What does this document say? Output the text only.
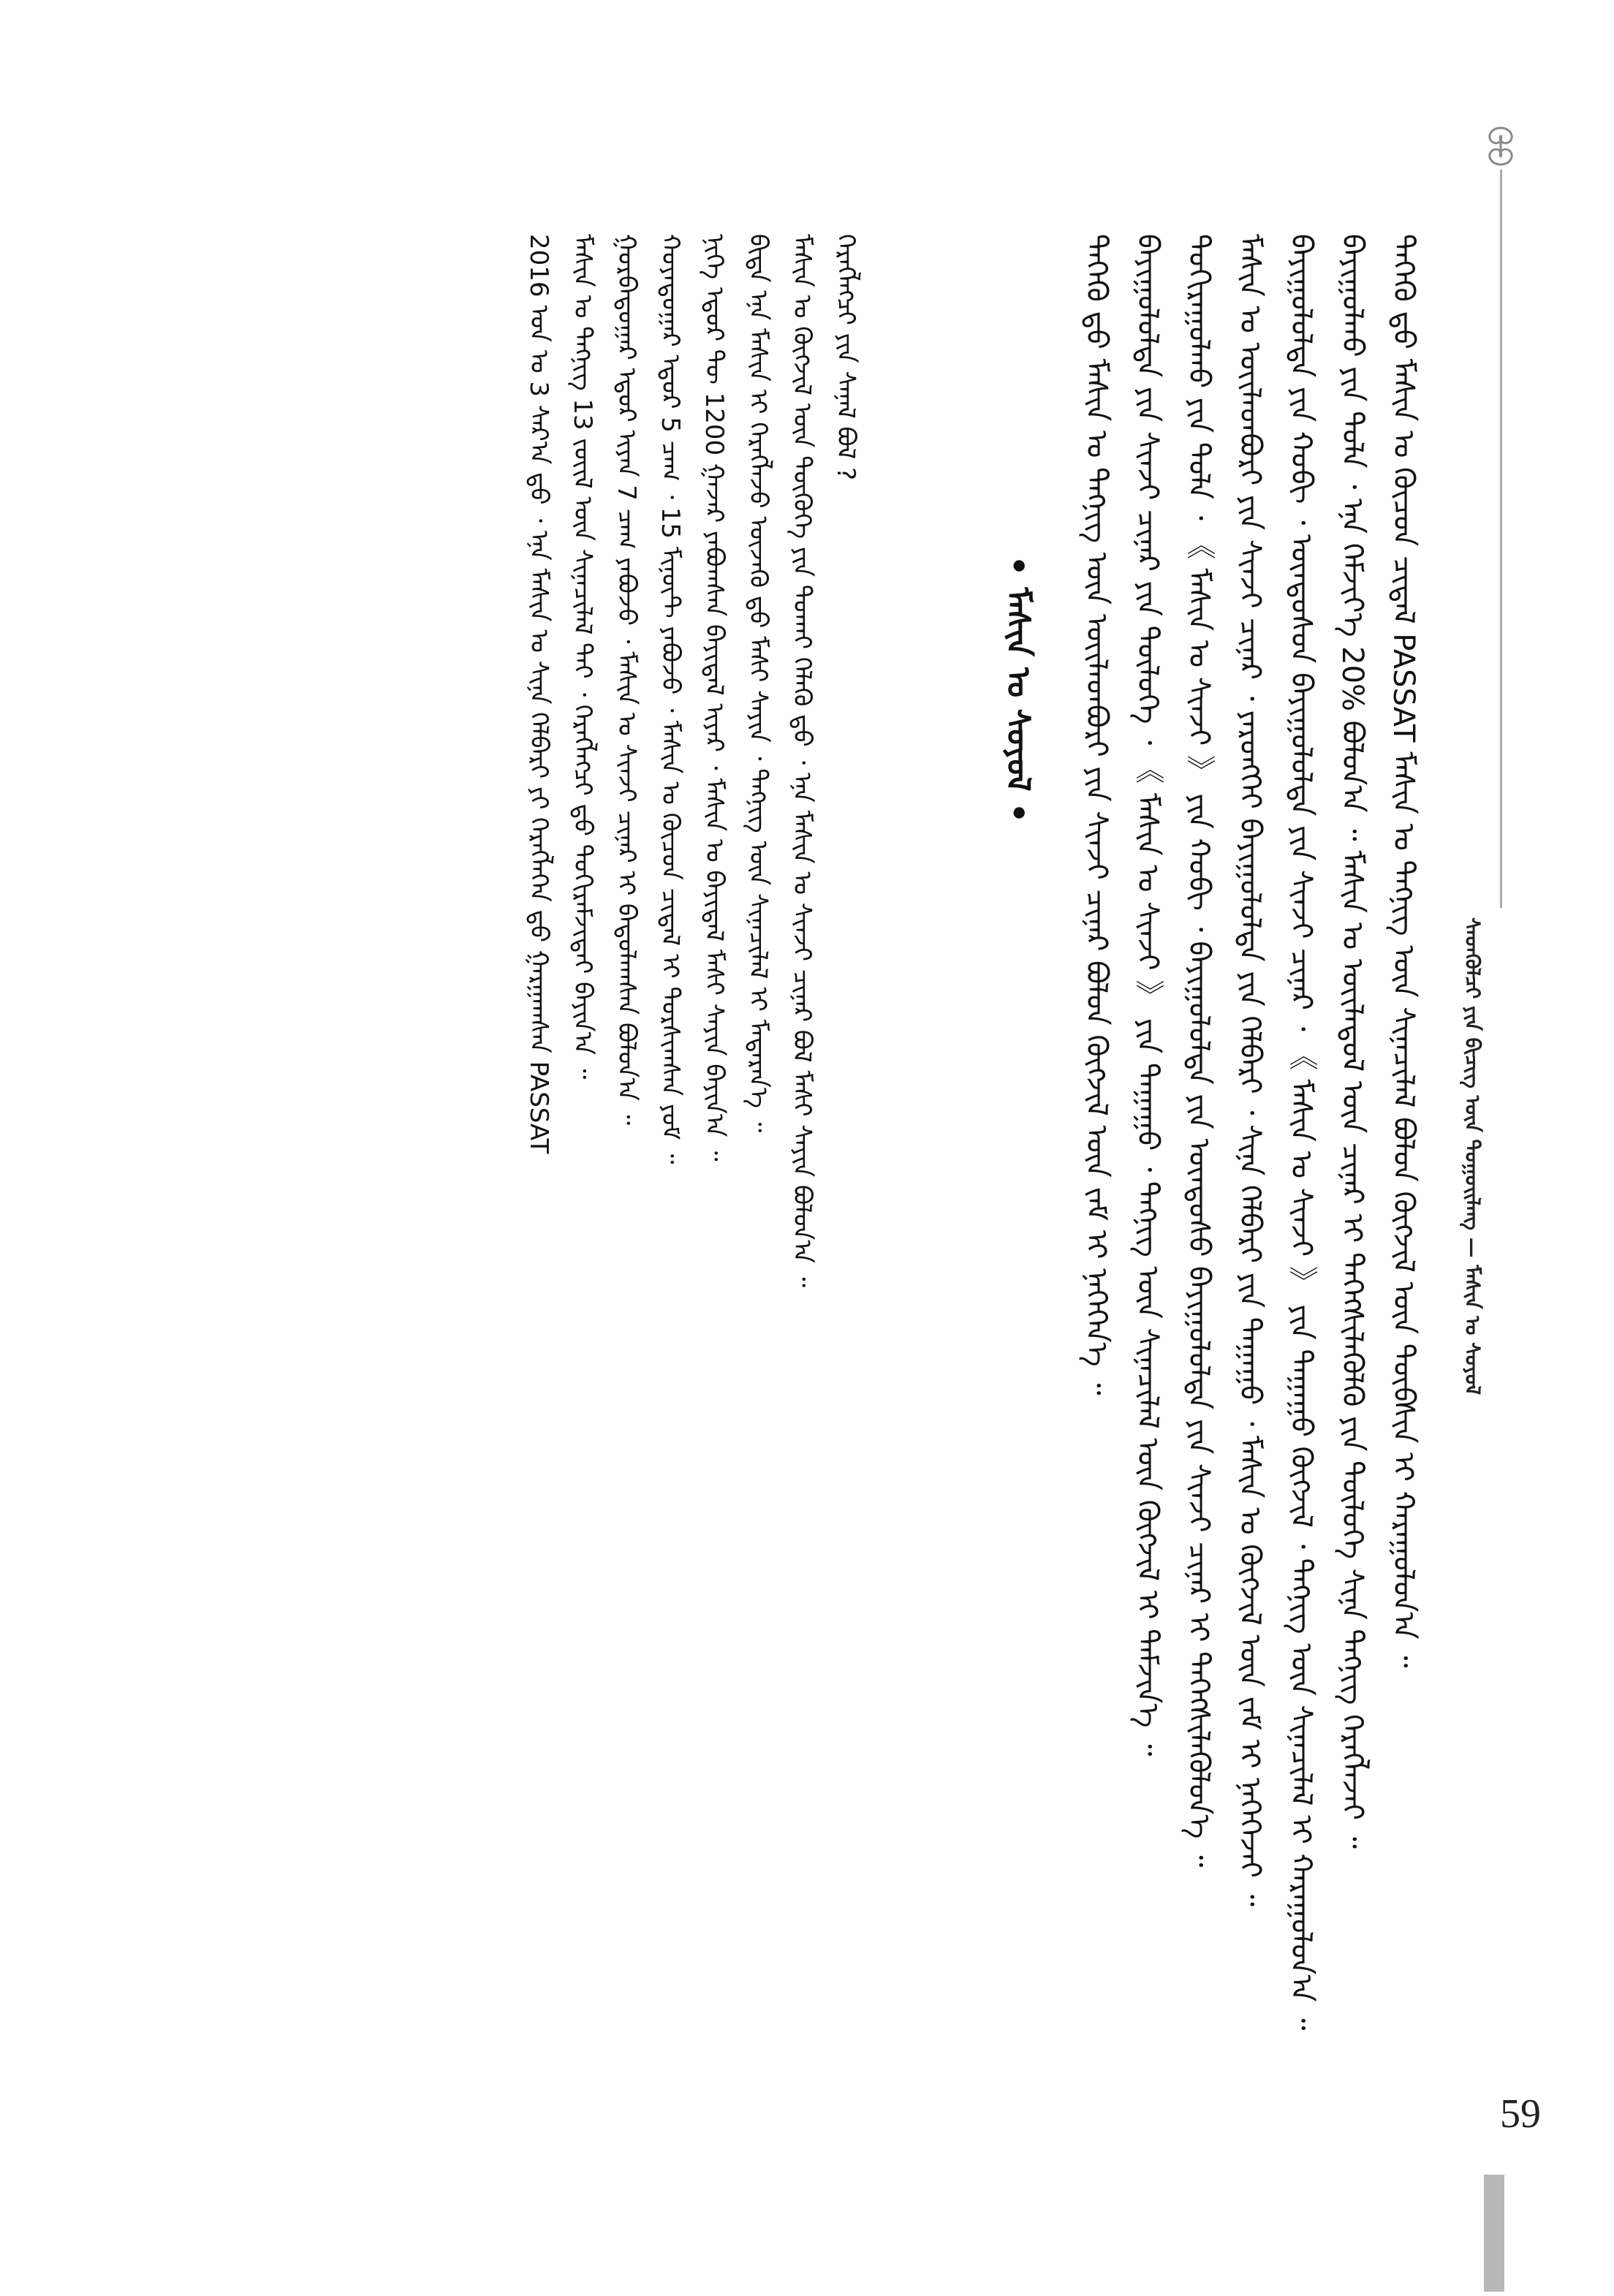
ᠰᠡᠳᠬᠦᠯᠴᠢ ᠶᠢᠨ ᠪᠢᠴᠢᠭ᠌ ᠦᠨ ᠳᠤᠭᠤᠢᠯᠠᠩ — ᠮᠠᠰᠢᠨ ᠤ ᠰᠣᠶᠣᠯ
ᠲᠡᠭᠡᠬᠦ ᠳ᠋ᠤ ᠮᠠᠰᠢᠨ ᠤ ᠬᠦᠴᠦᠨ ᠴᠢᠳᠠᠯ PASSAT ᠮᠠᠰᠢᠨ ᠤ ᠲᠡᠬᠨᠢᠭ᠌ ᠦᠨ ᠰᠢᠨᠡᠴᠢᠯᠡᠯ ᠪᠣᠯᠤᠨ ᠬᠦᠭᠵᠢᠯ ᠦᠨ ᠲᠦᠪᠰᠢᠨ ᠢ ᠬᠠᠷᠠᠭᠤᠯᠤᠨ᠎ᠠ ᠃
ᠪᠠᠶᠢᠭᠤᠯᠬᠤ ᠶᠢᠨ ᠲᠤᠯᠠ ᠂ ᠡᠨᠡ ᠬᠡᠮᠵᠢᠶ᠎ᠡ 20% ᠪᠣᠯᠤᠨ᠎ᠠ ᠃ ᠮᠠᠰᠢᠨ ᠤ ᠦᠢᠯᠡᠳᠦᠯ ᠦᠨ ᠴᠢᠨᠠᠷ ᠢ ᠳᠡᠭᠡᠭᠰᠢᠯᠡᠭᠦᠯᠬᠦ ᠶᠢᠨ ᠲᠥᠯᠥᠭᠡ ᠰᠢᠨᠡ ᠲᠡᠬᠨᠢᠭ ᠬᠡᠷᠡᠭᠯᠡᠵᠡᠢ ᠃
ᠪᠠᠶᠢᠭᠤᠯᠤᠯᠳᠠ ᠶᠢᠨ ᠬᠤᠪᠢ ᠂ ᠦᠨᠳᠦᠰᠦᠨ ᠪᠠᠶᠢᠭᠤᠯᠤᠯᠳᠠ ᠶᠢᠨ ᠰᠢᠨᠵᠢ ᠴᠢᠨᠠᠷ ᠂ 《 ᠮᠠᠰᠢᠨ ᠤ ᠰᠢᠨᠵᠢ 》 ᠶᠢᠨ ᠳᠠᠭᠠᠭᠤ ᠬᠥᠭᠵᠢᠯ ᠂ ᠲᠡᠬᠨᠢᠭ ᠦᠨ ᠰᠢᠨᠡᠴᠢᠯᠡᠯ ᠢ ᠬᠠᠷᠠᠭᠤᠯᠤᠨ᠎ᠠ ᠃
ᠮᠠᠰᠢᠨ ᠤ ᠦᠢᠯᠡᠳᠪᠦᠷᠢ ᠶᠢᠨ ᠰᠢᠨᠵᠢ ᠴᠢᠨᠠᠷ ᠂ ᠶᠡᠷᠦᠩᠬᠡᠢ ᠪᠠᠶᠢᠭᠤᠯᠤᠯᠳᠠ ᠶᠢᠨ ᠬᠡᠯᠪᠡᠷᠢ ᠂ ᠰᠢᠨᠡ ᠬᠡᠯᠪᠡᠷᠢ ᠶᠢᠨ ᠳᠠᠭᠠᠭᠤ ᠂ ᠮᠠᠰᠢᠨ ᠤ ᠬᠥᠭᠵᠢᠯ ᠦᠨ ᠵᠠᠮ ᠢ ᠨᠡᠭᠡᠭᠡᠵᠡᠢ ᠃
ᠲᠣᠬᠢᠷᠠᠭᠤᠯᠬᠤ ᠶᠢᠨ ᠲᠤᠯᠠ ᠂ 《 ᠮᠠᠰᠢᠨ ᠤ ᠰᠢᠨᠵᠢ 》 ᠶᠢᠨ ᠬᠤᠪᠢ ᠂ ᠪᠠᠶᠢᠭᠤᠯᠤᠯᠳᠠ ᠶᠢᠨ ᠦᠨᠳᠦᠰᠦ ᠪᠠᠶᠢᠭᠤᠯᠤᠯᠳᠠ ᠶᠢᠨ ᠰᠢᠨᠵᠢ ᠴᠢᠨᠠᠷ ᠢ ᠳᠡᠭᠡᠭᠰᠢᠯᠡᠭᠦᠯᠦᠨ᠎ᠡ ᠃
ᠪᠠᠶᠢᠭᠤᠯᠤᠯᠳᠠ ᠶᠢᠨ ᠰᠢᠨᠵᠢ ᠴᠢᠨᠠᠷ ᠶᠢᠨ ᠲᠥᠯᠥᠭᠡ ᠂ 《 ᠮᠠᠰᠢᠨ ᠤ ᠰᠢᠨᠵᠢ 》 ᠶᠢᠨ ᠳᠠᠭᠠᠭᠤ ᠂ ᠲᠡᠬᠨᠢᠭ ᠦᠨ ᠰᠢᠨᠡᠴᠢᠯᠡᠯ ᠦᠨ ᠬᠥᠭᠵᠢᠯ ᠢ ᠳᠡᠮᠵᠢᠨ᠎ᠡ ᠃
ᠲᠡᠭᠡᠬᠦ ᠳ᠋ᠤ ᠮᠠᠰᠢᠨ ᠤ ᠲᠡᠬᠨᠢᠭ ᠦᠨ ᠦᠢᠯᠡᠳᠪᠦᠷᠢ ᠶᠢᠨ ᠰᠢᠨᠵᠢ ᠴᠢᠨᠠᠷ ᠪᠣᠯᠤᠨ ᠬᠥᠭᠵᠢᠯ ᠦᠨ ᠵᠠᠮ ᠢ ᠨᠡᠭᠡᠭᠡᠨ᠎ᠡ ᠃
• ᠮᠠᠰᠢᠨ ᠤ ᠰᠣᠶᠣᠯ •
ᠬᠡᠷᠡᠭᠯᠡᠭᠴᠢ ᠶᠢᠨ ᠰᠠᠨᠠᠯ ᠪᠣᠯ ?
ᠮᠠᠰᠢᠨ ᠤ ᠬᠥᠭᠵᠢᠯ ᠦᠨ ᠲᠦᠭᠦᠬᠡ ᠶᠢᠨ ᠲᠤᠬᠠᠢ ᠬᠡᠯᠡᠬᠦ ᠳ᠋ᠦ ᠂ ᠡᠨᠡ ᠮᠠᠰᠢᠨ ᠤ ᠰᠢᠨᠵᠢ ᠴᠢᠨᠠᠷ ᠪᠣᠯ ᠮᠠᠰᠢ ᠰᠠᠶᠢᠨ ᠪᠣᠯᠤᠨ᠎ᠠ ᠃
ᠪᠢᠳᠡ ᠡᠨᠡ ᠮᠠᠰᠢᠨ ᠢ ᠬᠡᠷᠡᠭᠯᠡᠵᠦ ᠦᠵᠡᠬᠦ ᠳ᠋ᠦ ᠮᠠᠰᠢ ᠰᠠᠶᠢᠨ ᠂ ᠲᠡᠬᠨᠢᠭ ᠦᠨ ᠰᠢᠨᠡᠴᠢᠯᠡᠯ ᠢ ᠮᠡᠳᠡᠷᠡᠨ᠎ᠡ ᠃
ᠨᠢᠭᠡ ᠡᠳᠦᠷ ᠲᠦ 1200 ᠭᠠᠵᠠᠷ ᠶᠠᠪᠤᠭᠰᠠᠨ ᠪᠠᠶᠢᠳᠠᠯ ᠢᠶᠡᠷ ᠂ ᠮᠠᠰᠢᠨ ᠤ ᠪᠠᠶᠢᠳᠠᠯ ᠮᠠᠰᠢ ᠰᠠᠶᠢᠨ ᠪᠠᠶᠢᠨ᠎ᠠ ᠃
ᠬᠣᠶᠠᠳᠤᠭᠠᠷ ᠡᠳᠦᠷ 5 ᠴᠠᠭ ᠂ 15 ᠮᠢᠨᠦ᠋ᠲ ᠶᠠᠪᠤᠵᠤ ᠂ ᠮᠠᠰᠢᠨ ᠤ ᠬᠦᠴᠦᠨ ᠴᠢᠳᠠᠯ ᠢ ᠲᠤᠷᠰᠢᠭᠰᠠᠨ ᠶᠤᠮ ᠃
ᠭᠤᠷᠪᠠᠳᠤᠭᠠᠷ ᠡᠳᠦᠷ ᠢᠶᠡᠨ 7 ᠴᠠᠭ ᠶᠠᠪᠤᠵᠤ ᠂ ᠮᠠᠰᠢᠨ ᠤ ᠰᠢᠨᠵᠢ ᠴᠢᠨᠠᠷ ᠢ ᠪᠠᠲᠤᠯᠠᠭᠰᠠᠨ ᠪᠣᠯᠤᠨ᠎ᠠ ᠃
ᠮᠠᠰᠢᠨ ᠤ ᠲᠡᠬᠨᠢᠭ 13 ᠵᠦᠢᠯ ᠦᠨ ᠰᠢᠨᠡᠴᠢᠯᠡᠯ ᠲᠡᠢ ᠂ ᠬᠡᠷᠡᠭᠯᠡᠭᠴᠢ ᠳ᠋ᠦ ᠲᠣᠬᠢᠷᠠᠮᠵᠢᠲᠠᠢ ᠪᠠᠶᠢᠨ᠎ᠠ ᠃
2016 ᠣᠨ ᠤ 3 ᠰᠠᠷ᠎ᠠ ᠳ᠋ᠤ ᠂ ᠡᠨᠡ ᠮᠠᠰᠢᠨ ᠤ ᠰᠢᠨᠡ ᠬᠡᠯᠪᠡᠷᠢ ᠶᠢ ᠬᠡᠷᠡᠭᠯᠡᠭᠡᠨ ᠳ᠋ᠦ ᠭᠠᠷᠭᠠᠭᠰᠠᠨ PASSAT
59
